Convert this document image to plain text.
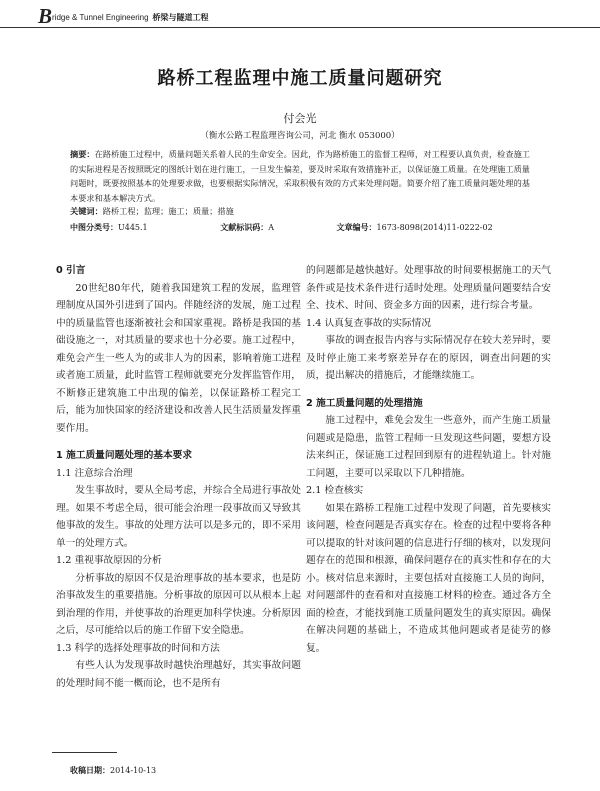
Bridge & Tunnel Engineering 桥梁与隧道工程
路桥工程监理中施工质量问题研究
付会光
（衡水公路工程监理咨询公司，河北 衡水 053000）
摘要：在路桥施工过程中，质量问题关系着人民的生命安全。因此，作为路桥施工的监督工程师，对工程要认真负责，检查施工的实际进程是否按照既定的图纸计划在进行施工，一旦发生偏差，要及时采取有效措施补正，以保证施工质量。在处理施工质量问题时，既要按照基本的处理要求做，也要根据实际情况，采取积极有效的方式来处理问题。简要介绍了施工质量问题处理的基本要求和基本解决方式。
关键词：路桥工程；监理；施工；质量；措施
中图分类号：U445.1	文献标识码：A	文章编号：1673-8098(2014)11-0222-02
0 引言

20世纪80年代，随着我国建筑工程的发展，监理管理制度从国外引进到了国内。伴随经济的发展，施工过程中的质量监管也逐渐被社会和国家重视。路桥是我国的基础设施之一，对其质量的要求也十分必要。施工过程中，难免会产生一些人为的或非人为的因素，影响着施工进程或者施工质量，此时监管工程师就要充分发挥监管作用，不断修正建筑施工中出现的偏差，以保证路桥工程完工后，能为加快国家的经济建设和改善人民生活质量发挥重要作用。

1 施工质量问题处理的基本要求
1.1 注意综合治理

发生事故时，要从全局考虑，并综合全局进行事故处理。如果不考虑全局，很可能会治理一段事故而又导致其他事故的发生。事故的处理方法可以是多元的，即不采用单一的处理方式。

1.2 重视事故原因的分析

分析事故的原因不仅是治理事故的基本要求，也是防治事故发生的重要措施。分析事故的原因可以从根本上起到治理的作用，并使事故的治理更加科学快速。分析原因之后，尽可能给以后的施工作留下安全隐患。

1.3 科学的选择处理事故的时间和方法

有些人认为发现事故时越快治理越好，其实事故问题的处理时间不能一概而论，也不是所有

的问题都是越快越好。处理事故的时间要根据施工的天气条件或是技术条件进行适时处理。处理质量问题要结合安全、技术、时间、资金多方面的因素，进行综合考量。

1.4 认真复查事故的实际情况

事故的调查报告内容与实际情况存在较大差异时，要及时停止施工来考察差异存在的原因，调查出问题的实质，提出解决的措施后，才能继续施工。

2 施工质量问题的处理措施

施工过程中，难免会发生一些意外，而产生施工质量问题或是隐患，监管工程师一旦发现这些问题，要想方设法来纠正，保证施工过程回到原有的进程轨道上。针对施工问题，主要可以采取以下几种措施。

2.1 检查核实

如果在路桥工程施工过程中发现了问题，首先要核实该问题，检查问题是否真实存在。检查的过程中要将各种可以提取的针对该问题的信息进行仔细的核对，以发现问题存在的范围和根源，确保问题存在的真实性和存在的大小。核对信息来源时，主要包括对直接施工人员的询问，对问题部件的查看和对直接施工材料的检查。通过各方全面的检查，才能找到施工质量问题发生的真实原因。确保在解决问题的基础上，不造成其他问题或者是徒劳的修复。

收稿日期：2014-10-13
